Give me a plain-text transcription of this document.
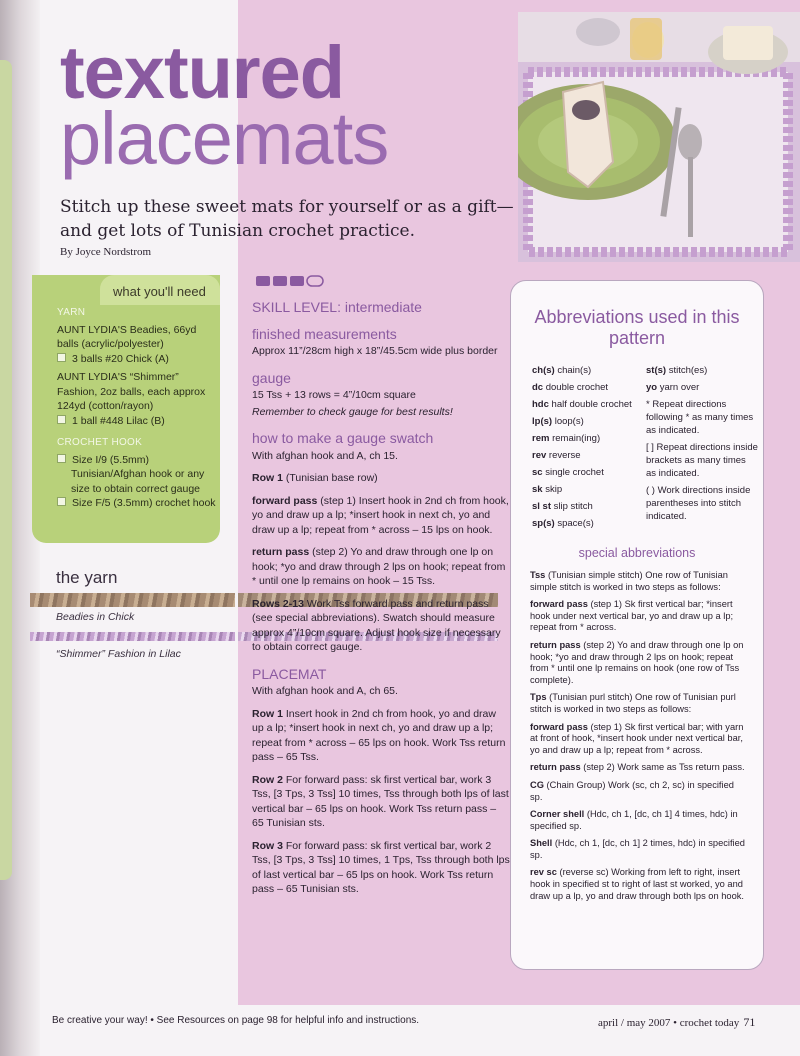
textured
placemats
Stitch up these sweet mats for yourself or as a gift—and get lots of Tunisian crochet practice.
By Joyce Nordstrom
what you'll need
YARN
AUNT LYDIA'S Beadies, 66yd balls (acrylic/polyester)
3 balls #20 Chick (A)
AUNT LYDIA'S “Shimmer” Fashion, 2oz balls, each approx 124yd (cotton/rayon)
1 ball #448 Lilac (B)
CROCHET HOOK
Size I/9 (5.5mm) Tunisian/Afghan hook or any size to obtain correct gauge
Size F/5 (3.5mm) crochet hook
the yarn
Beadies in Chick
“Shimmer” Fashion in Lilac
SKILL LEVEL: intermediate
finished measurements

Approx 11”/28cm high x 18”/45.5cm wide plus border

gauge

15 Tss + 13 rows = 4”/10cm square

Remember to check gauge for best results!

how to make a gauge swatch

With afghan hook and A, ch 15.

Row 1 (Tunisian base row)

forward pass (step 1) Insert hook in 2nd ch from hook, yo and draw up a lp; *insert hook in next ch, yo and draw up a lp; repeat from * across – 15 lps on hook.

return pass (step 2) Yo and draw through one lp on hook; *yo and draw through 2 lps on hook; repeat from * until one lp remains on hook – 15 Tss.

Rows 2-13 Work Tss forward pass and return pass (see special abbreviations). Swatch should measure approx 4”/10cm square. Adjust hook size if necessary to obtain correct gauge.

PLACEMAT

With afghan hook and A, ch 65.

Row 1 Insert hook in 2nd ch from hook, yo and draw up a lp; *insert hook in next ch, yo and draw up a lp; repeat from * across – 65 lps on hook. Work Tss return pass – 65 Tss.

Row 2 For forward pass: sk first vertical bar, work 3 Tss, [3 Tps, 3 Tss] 10 times, Tss through both lps of last vertical bar – 65 lps on hook. Work Tss return pass – 65 Tunisian sts.

Row 3 For forward pass: sk first vertical bar, work 2 Tss, [3 Tps, 3 Tss] 10 times, 1 Tps, Tss through both lps of last vertical bar – 65 lps on hook. Work Tss return pass – 65 Tunisian sts.

Abbreviations used in this pattern
ch(s) chain(s)
dc double crochet
hdc half double crochet
lp(s) loop(s)
rem remain(ing)
rev reverse
sc single crochet
sk skip
sl st slip stitch
sp(s) space(s)
st(s) stitch(es)
yo yarn over
* Repeat directions following * as many times as indicated.
[ ] Repeat directions inside brackets as many times as indicated.
( ) Work directions inside parentheses into stitch indicated.
special abbreviations

Tss (Tunisian simple stitch) One row of Tunisian simple stitch is worked in two steps as follows:

forward pass (step 1) Sk first vertical bar; *insert hook under next vertical bar, yo and draw up a lp; repeat from * across.

return pass (step 2) Yo and draw through one lp on hook; *yo and draw through 2 lps on hook; repeat from * until one lp remains on hook (one row of Tss complete).

Tps (Tunisian purl stitch) One row of Tunisian purl stitch is worked in two steps as follows:

forward pass (step 1) Sk first vertical bar; with yarn at front of hook, *insert hook under next vertical bar, yo and draw up a lp; repeat from * across.

return pass (step 2) Work same as Tss return pass.

CG (Chain Group) Work (sc, ch 2, sc) in specified sp.

Corner shell (Hdc, ch 1, [dc, ch 1] 4 times, hdc) in specified sp.

Shell (Hdc, ch 1, [dc, ch 1] 2 times, hdc) in specified sp.

rev sc (reverse sc) Working from left to right, insert hook in specified st to right of last st worked, yo and draw up a lp, yo and draw through both lps on hook.

Be creative your way! • See Resources on page 98 for helpful info and instructions.	april / may 2007 • crochet today 71
